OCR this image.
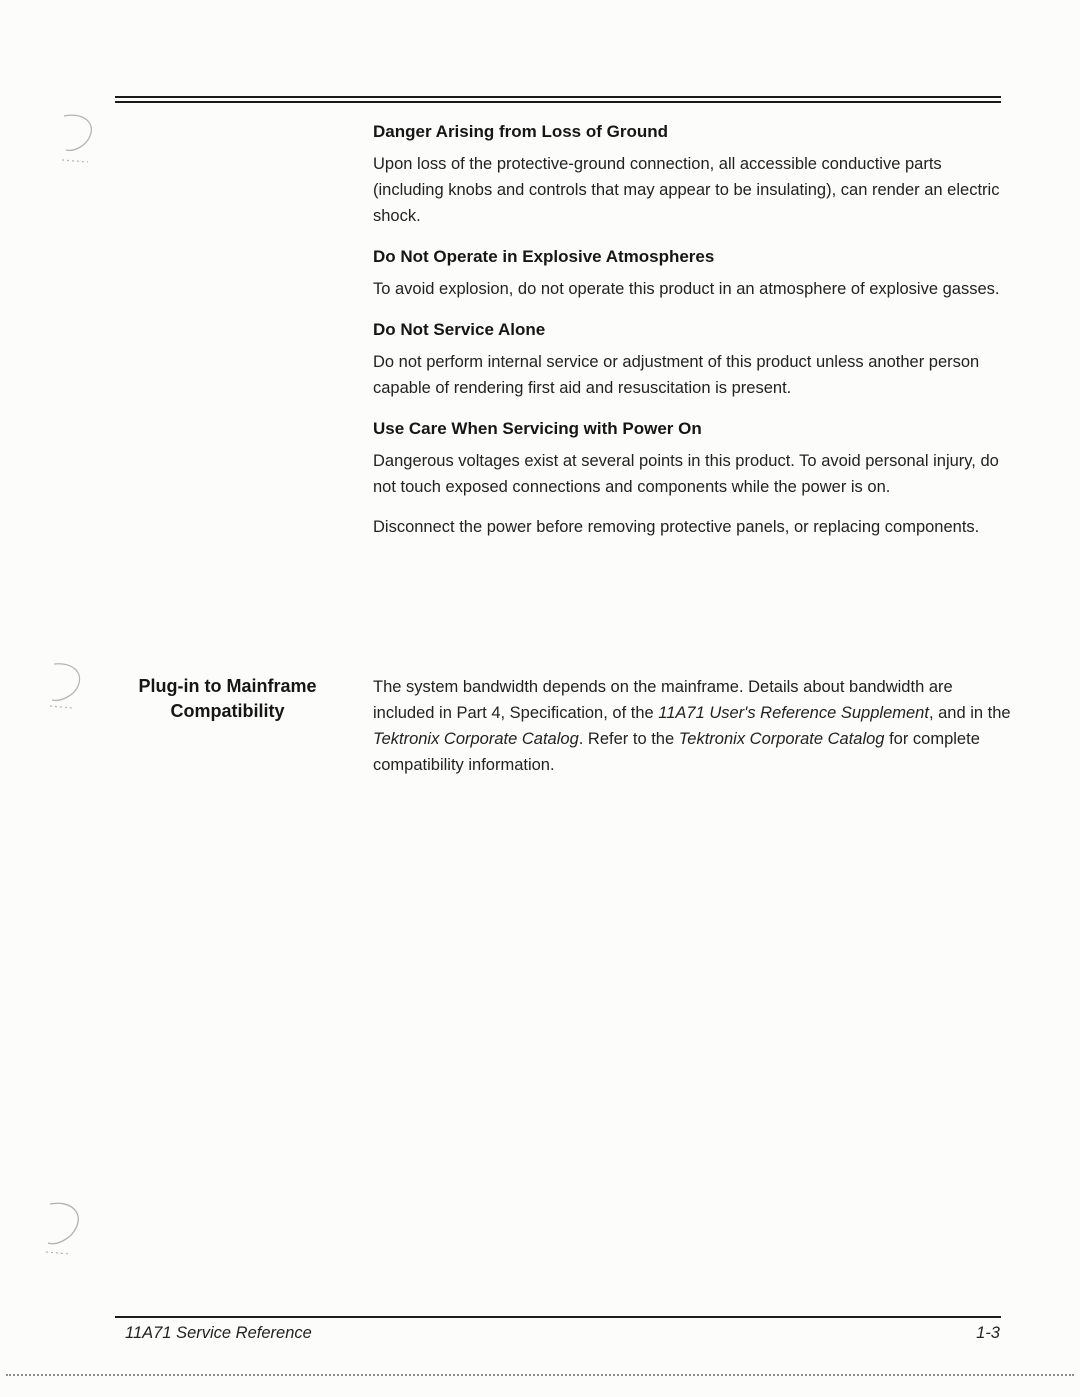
Danger Arising from Loss of Ground

Upon loss of the protective-ground connection, all accessible conductive parts (including knobs and controls that may appear to be insulating), can render an electric shock.

Do Not Operate in Explosive Atmospheres

To avoid explosion, do not operate this product in an atmosphere of explosive gasses.

Do Not Service Alone

Do not perform internal service or adjustment of this product unless another person capable of rendering first aid and resuscitation is present.

Use Care When Servicing with Power On

Dangerous voltages exist at several points in this product. To avoid personal injury, do not touch exposed connections and components while the power is on.

Disconnect the power before removing protective panels, or replacing components.

Plug-in to Mainframe
Compatibility

The system bandwidth depends on the mainframe. Details about bandwidth are included in Part 4, Specification, of the 11A71 User's Reference Supplement, and in the Tektronix Corporate Catalog. Refer to the Tektronix Corporate Catalog for complete compatibility information.

11A71 Service Reference	1-3
